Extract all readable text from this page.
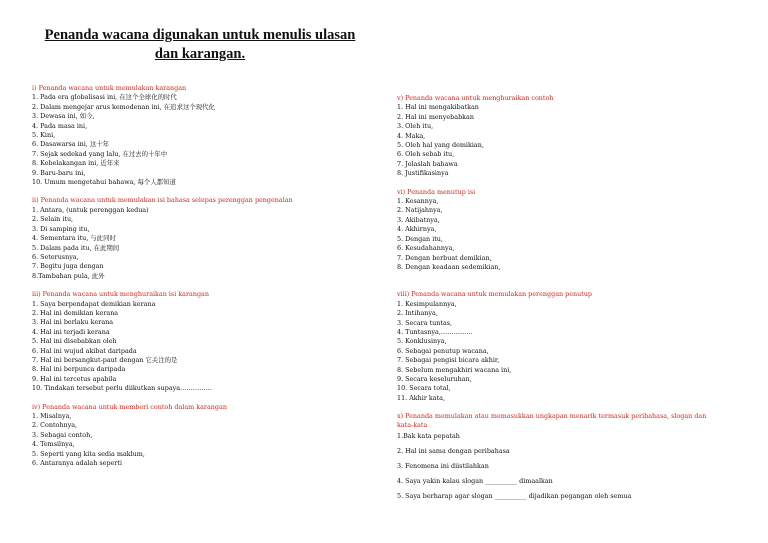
Penanda wacana digunakan untuk menulis ulasan
dan karangan.
i) Penanda wacana untuk memulakan karangan
1. Pada era globalisasi ini, 在这个全球化的时代
2. Dalam mengejar arus kemodenan ini, 在追求这个现代化
3. Dewasa ini, 如今,
4. Pada masa ini,
5. Kini,
6. Dasawarsa ini, 这十年
7. Sejak sedekad yang lalu, 在过去的十年中
8. Kebelakangan ini, 近年来
9. Baru-baru ini,
10. Umum mengetahui bahawa, 每个人都知道
ii) Penanda wacana untuk memulakan isi bahasa selepas perenggan pengenalan
1. Antara, (untuk perenggan kedua)
2. Selain itu,
3. Di samping itu,
4. Sementara itu, 与此同时
5. Dalam pada itu, 在此期间
6. Seterusnya,
7. Begitu juga dengan
8.Tambahan pula, 此外
iii) Penanda wacana untuk menghuraikan isi karangan
1. Saya berpendapat demikian kerana
2. Hal ini demikian kerana
3. Hal ini berlaku kerana
4. Hal ini terjadi kerana
5. Hal ini disebabkan oleh
6. Hal ini wujud akibat daripada
7. Hal ini bersangkut-paut dengan 它关注的是
8. Hal ini berpunca daripada
9. Hal ini tercetus apabila
10. Tindakan tersebut perlu diikutkan supaya……………
iv) Penanda wacana untuk memberi contoh dalam karangan
1. Misalnya,
2. Contohnya,
3. Sebagai contoh,
4. Temsilnya,
5. Seperti yang kita sedia maklum,
6. Antaranya adalah seperti
v) Penanda wacana untuk menghuraikan contoh
1. Hal ini mengakibatkan
2. Hal ini menyebabkan
3. Oleh itu,
4. Maka,
5. Oleh hal yang demikian,
6. Oleh sebab itu,
7. Jelaslah bahawa
8. Justifikasinya
vi) Penanda menutup isi
1. Kesannya,
2. Natijahnya,
3. Akibatnya,
4. Akhirnya,
5. Dengan itu,
6. Kesudahannya,
7. Dengan berbuat demikian,
8. Dengan keadaan sedemikian,
viii) Penanda wacana untuk memulakan perenggan penutup
1. Kesimpulannya,
2. Intihanya,
3. Secara tuntas,
4. Tuntasnya,……………
5. Konklusinya,
6. Sebagai penutup wacana,
7. Sebagai pengisi bicara akhir,
8. Sebelum mengakhiri wacana ini,
9. Secara keseluruhan,
10. Secara total,
11. Akhir kata,
x) Penanda memulakan atau memasukkan ungkapan menarik termasuk peribahasa, slogan dan kata-kata
1.Bak kata pepatah
2. Hal ini sama dengan peribahasa
3. Fenomena ini diistilahkan
4. Saya yakin kalau slogan __________ dimaalkan
5. Saya berharap agar slogan __________ dijadikan pegangan oleh semua
